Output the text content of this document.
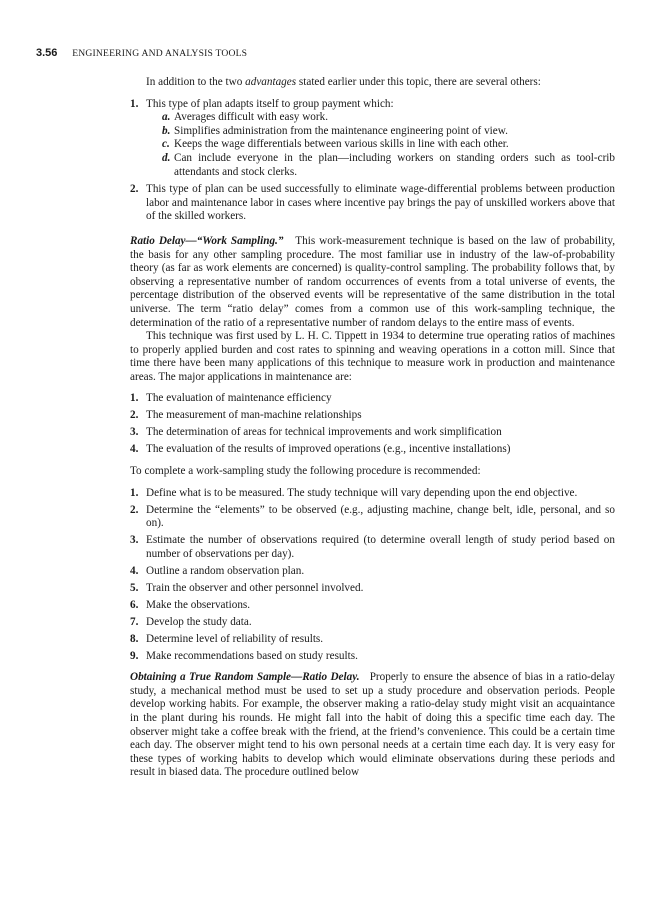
3.56 ENGINEERING AND ANALYSIS TOOLS

In addition to the two advantages stated earlier under this topic, there are several others:

1. This type of plan adapts itself to group payment which:
a. Averages difficult with easy work.
b. Simplifies administration from the maintenance engineering point of view.
c. Keeps the wage differentials between various skills in line with each other.
d. Can include everyone in the plan—including workers on standing orders such as tool-crib attendants and stock clerks.
2. This type of plan can be used successfully to eliminate wage-differential problems between production labor and maintenance labor in cases where incentive pay brings the pay of unskilled workers above that of the skilled workers.

Ratio Delay—“Work Sampling.” This work-measurement technique is based on the law of probability, the basis for any other sampling procedure. The most familiar use in industry of the law-of-probability theory (as far as work elements are concerned) is quality-control sampling. The probability follows that, by observing a representative number of random occurrences of events from a total universe of events, the percentage distribution of the observed events will be representative of the same distribution in the total universe. The term “ratio delay” comes from a common use of this work-sampling technique, the determination of the ratio of a representative number of random delays to the entire mass of events.

This technique was first used by L. H. C. Tippett in 1934 to determine true operating ratios of machines to properly applied burden and cost rates to spinning and weaving operations in a cotton mill. Since that time there have been many applications of this technique to measure work in production and maintenance areas. The major applications in maintenance are:

1. The evaluation of maintenance efficiency
2. The measurement of man-machine relationships
3. The determination of areas for technical improvements and work simplification
4. The evaluation of the results of improved operations (e.g., incentive installations)

To complete a work-sampling study the following procedure is recommended:

1. Define what is to be measured. The study technique will vary depending upon the end objective.
2. Determine the “elements” to be observed (e.g., adjusting machine, change belt, idle, personal, and so on).
3. Estimate the number of observations required (to determine overall length of study period based on number of observations per day).
4. Outline a random observation plan.
5. Train the observer and other personnel involved.
6. Make the observations.
7. Develop the study data.
8. Determine level of reliability of results.
9. Make recommendations based on study results.

Obtaining a True Random Sample—Ratio Delay. Properly to ensure the absence of bias in a ratio-delay study, a mechanical method must be used to set up a study procedure and observation periods. People develop working habits. For example, the observer making a ratio-delay study might visit an acquaintance in the plant during his rounds. He might fall into the habit of doing this a specific time each day. The observer might take a coffee break with the friend, at the friend’s convenience. This could be a certain time each day. The observer might tend to his own personal needs at a certain time each day. It is very easy for these types of working habits to develop which would eliminate observations during these periods and result in biased data. The procedure outlined below
